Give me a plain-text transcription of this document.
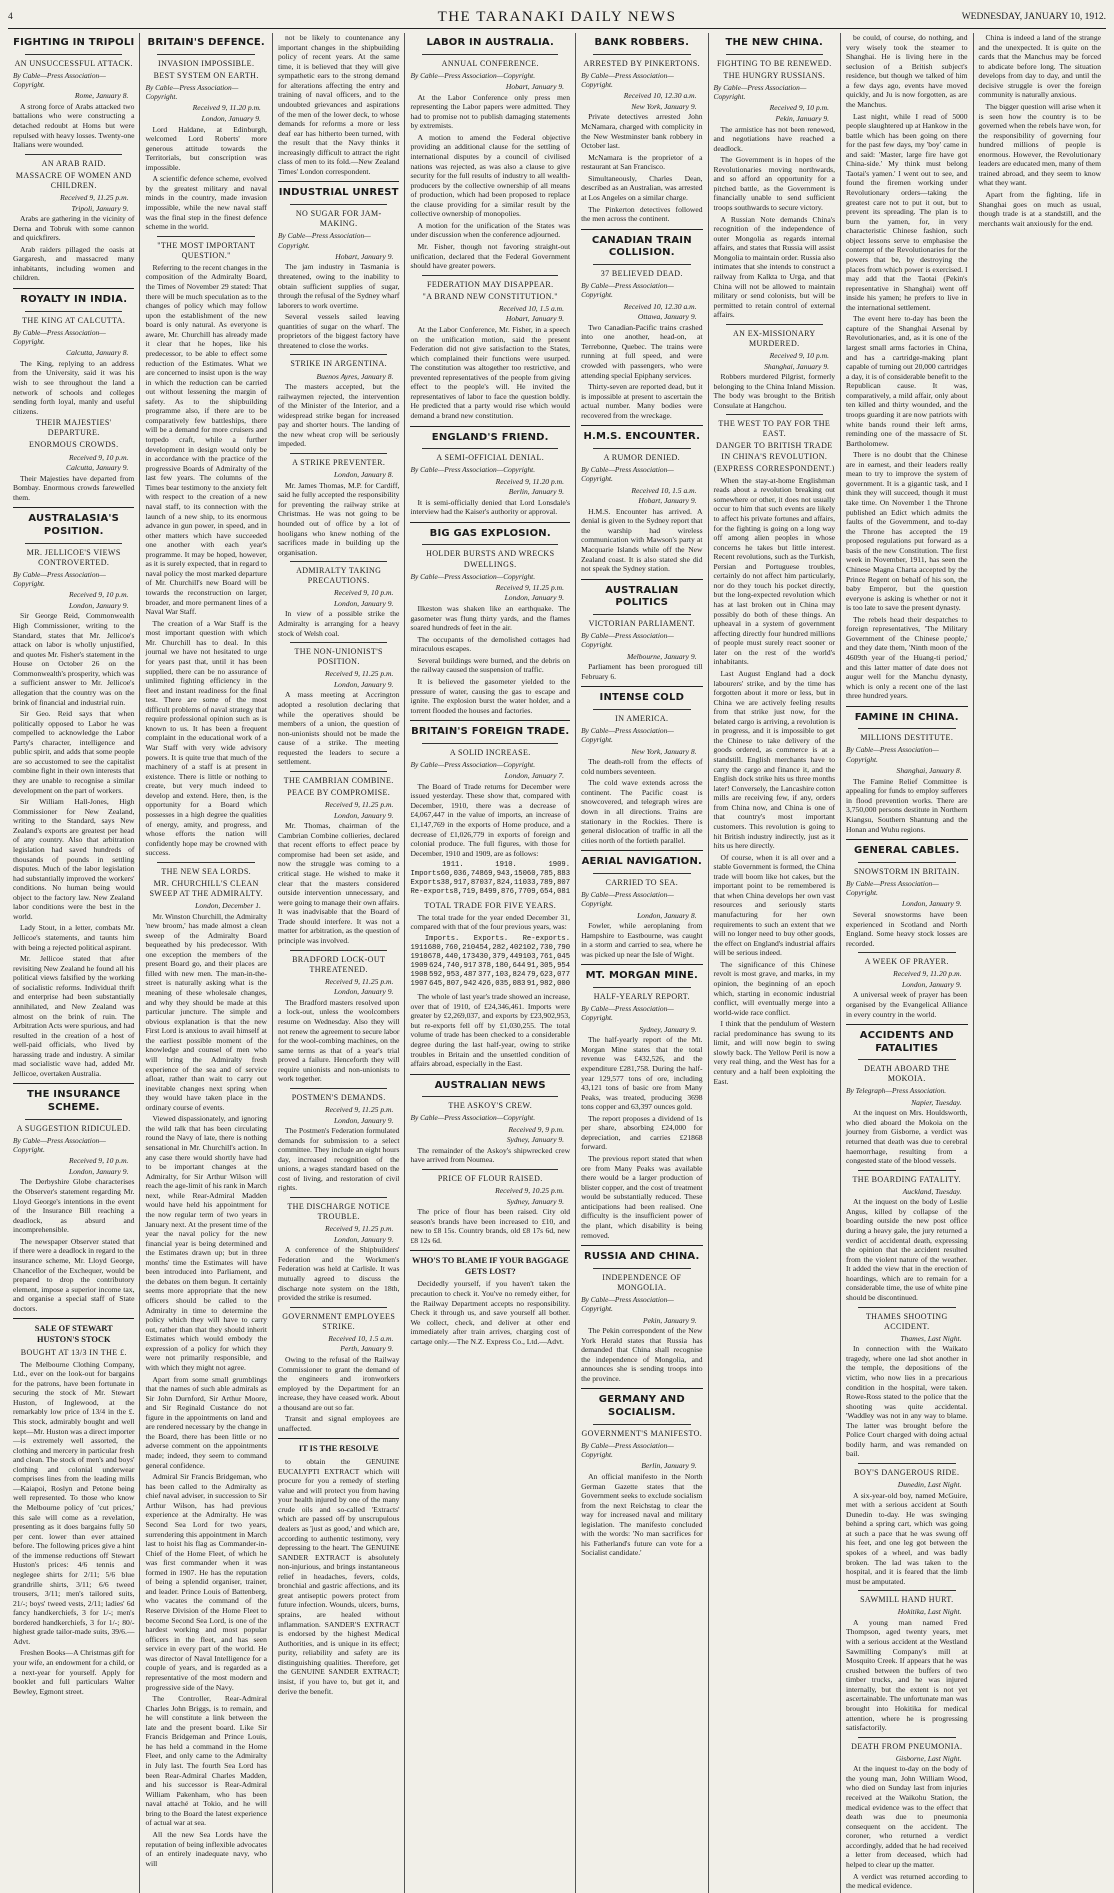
4	THE TARANAKI DAILY NEWS	WEDNESDAY, JANUARY 10, 1912.
FIGHTING IN TRIPOLI
AN UNSUCCESSFUL ATTACK.
By Cable—Press Association—Copyright.
Rome, January 8.

A strong force of Arabs attacked two battalions who were constructing a detached redoubt at Homs but were repulsed with heavy losses. Twenty-one Italians were wounded.

AN ARAB RAID.
MASSACRE OF WOMEN AND CHILDREN.
Received 9, 11.25 p.m.
Tripoli, January 9.

Arabs are gathering in the vicinity of Derna and Tobruk with some cannon and quickfirers.

Arab raiders pillaged the oasis at Gargaresh, and massacred many inhabitants, including women and children.

ROYALTY IN INDIA.
THE KING AT CALCUTTA.
By Cable—Press Association—Copyright.
Calcutta, January 8.

The King, replying to an address from the University, said it was his wish to see throughout the land a network of schools and colleges sending forth loyal, manly and useful citizens.

THEIR MAJESTIES' DEPARTURE.
ENORMOUS CROWDS.
Received 9, 10 p.m.
Calcutta, January 9.

Their Majesties have departed from Bombay. Enormous crowds farewelled them.

AUSTRALASIA'S POSITION.
MR. JELLICOE'S VIEWS CONTROVERTED.
By Cable—Press Association—Copyright.
Received 9, 10 p.m.
London, January 9.

Sir George Reid, Commonwealth High Commissioner, writing to the Standard, states that Mr. Jellicoe's attack on labor is wholly unjustified, and quotes Mr. Fisher's statement in the House on October 26 on the Commonwealth's prosperity, which was a sufficient answer to Mr. Jellicoe's allegation that the country was on the brink of financial and industrial ruin.

Sir Geo. Reid says that when politically opposed to Labor he was compelled to acknowledge the Labor Party's character, intelligence and public spirit, and adds that some people are so accustomed to see the capitalist combine fight in their own interests that they are unable to recognise a similar development on the part of workers.

Sir William Hall-Jones, High Commissioner for New Zealand, writing to the Standard, says New Zealand's exports are greatest per head of any country. Also that arbitration legislation had saved hundreds of thousands of pounds in settling disputes. Much of the labor legislation had substantially improved the workers' conditions. No human being would object to the factory law. New Zealand labor conditions were the best in the world.

Lady Stout, in a letter, combats Mr. Jellicoe's statements, and taunts him with being a rejected political aspirant.

Mr. Jellicoe stated that after revisiting New Zealand he found all his political views falsified by the working of socialistic reforms. Individual thrift and enterprise had been substantially annihilated, and New Zealand was almost on the brink of ruin. The Arbitration Acts were spurious, and had resulted in the creation of a host of well-paid officials, who lived by harassing trade and industry. A similar mad socialistic wave had, added Mr. Jellicoe, overtaken Australia.

THE INSURANCE SCHEME.
A SUGGESTION RIDICULED.
By Cable—Press Association—Copyright.
Received 9, 10 p.m.
London, January 9.

The Derbyshire Globe characterises the Observer's statement regarding Mr. Lloyd George's intentions in the event of the Insurance Bill reaching a deadlock, as absurd and incomprehensible.

The newspaper Observer stated that if there were a deadlock in regard to the insurance scheme, Mr. Lloyd George, Chancellor of the Exchequer, would be prepared to drop the contributory element, impose a superior income tax, and organise a special staff of State doctors.

SALE OF STEWART HUSTON'S STOCK
BOUGHT AT 13/3 IN THE £.

The Melbourne Clothing Company, Ltd., ever on the look-out for bargains for the patrons, have been fortunate in securing the stock of Mr. Stewart Huston, of Inglewood, at the remarkably low price of 13/4 in the £. This stock, admirably bought and well kept—Mr. Huston was a direct importer—is extremely well assorted, the clothing and mercery in particular fresh and clean. The stock of men's and boys' clothing and colonial underwear comprises lines from the leading mills—Kaiapoi, Roslyn and Petone being well represented. To those who know the Melbourne policy of 'cut prices,' this sale will come as a revelation, presenting as it does bargains fully 50 per cent. lower than ever attained before. The following prices give a hint of the immense reductions off Stewart Huston's prices: 4/6 tennis and neglegee shirts for 2/11; 5/6 blue grandrille shirts, 3/11; 6/6 tweed trousers, 3/11; men's tailored suits, 21/-; boys' tweed vests, 2/11; ladies' 6d fancy handkerchiefs, 3 for 1/-; men's bordered handkerchiefs, 3 for 1/-; 80/- highest grade tailor-made suits, 39/6.—Advt.

Freshen Books—A Christmas gift for your wife, an endowment for a child, or a next-year for yourself. Apply for booklet and full particulars Walter Bewley, Egmont street.

BRITAIN'S DEFENCE.
INVASION IMPOSSIBLE.
BEST SYSTEM ON EARTH.
By Cable—Press Association—Copyright.
Received 9, 11.20 p.m.
London, January 9.

Lord Haldane, at Edinburgh, welcomed Lord Roberts' more generous attitude towards the Territorials, but conscription was impossible.

A scientific defence scheme, evolved by the greatest military and naval minds in the country, made invasion impossible, while the new naval staff was the final step in the finest defence scheme in the world.

"THE MOST IMPORTANT QUESTION."

Referring to the recent changes in the composition of the Admiralty Board, the Times of November 29 stated: That there will be much speculation as to the changes of policy which may follow upon the establishment of the new board is only natural. As everyone is aware, Mr. Churchill has already made it clear that he hopes, like his predecessor, to be able to effect some reduction of the Estimates. What we are concerned to insist upon is the way in which the reduction can be carried out without lessening the margin of safety. As to the shipbuilding programme also, if there are to be comparatively few battleships, there will be a demand for more cruisers and torpedo craft, while a further development in design would only be in accordance with the practice of the progressive Boards of Admiralty of the last few years. The columns of the Times bear testimony to the anxiety felt with respect to the creation of a new naval staff, to its connection with the launch of a new ship, to its enormous advance in gun power, in speed, and in other matters which have succeeded one another with each year's programme. It may be hoped, however, as it is surely expected, that in regard to naval policy the most marked departure of Mr. Churchill's new Board will be towards the reconstruction on larger, broader, and more permanent lines of a Naval War Staff.

The creation of a War Staff is the most important question with which Mr. Churchill has to deal. In this journal we have not hesitated to urge for years past that, until it has been supplied, there can be no assurance of unlimited fighting efficiency in the fleet and instant readiness for the final test. There are some of the most difficult problems of naval strategy that require professional opinion such as is known to us. It has been a frequent complaint in the educational work of a War Staff with very wide advisory powers. It is quite true that much of the machinery of a staff is at present in existence. There is little or nothing to create, but very much indeed to develop and extend. Here, then, is the opportunity for a Board which possesses in a high degree the qualities of energy, amity, and progress, and whose efforts the nation will confidently hope may be crowned with success.

THE NEW SEA LORDS.
MR. CHURCHILL'S CLEAN SWEEP AT THE ADMIRALTY.
London, December 1.

Mr. Winston Churchill, the Admiralty 'new broom,' has made almost a clean sweep of the Admiralty Board bequeathed by his predecessor. With one exception the members of the present Board go, and their places are filled with new men. The man-in-the-street is naturally asking what is the meaning of these wholesale changes, and why they should be made at this particular juncture. The simple and obvious explanation is that the new First Lord is anxious to avail himself at the earliest possible moment of the knowledge and counsel of men who will bring the Admiralty fresh experience of the sea and of service afloat, rather than wait to carry out inevitable changes next spring when they would have taken place in the ordinary course of events.

Viewed dispassionately, and ignoring the wild talk that has been circulating round the Navy of late, there is nothing sensational in Mr. Churchill's action. In any case there would shortly have had to be important changes at the Admiralty, for Sir Arthur Wilson will reach the age-limit of his rank in March next, while Rear-Admiral Madden would have held his appointment for the now regular term of two years in January next. At the present time of the year the naval policy for the new financial year is being determined and the Estimates drawn up; but in three months' time the Estimates will have been introduced into Parliament, and the debates on them begun. It certainly seems more appropriate that the new officers should be called to the Admiralty in time to determine the policy which they will have to carry out, rather than that they should inherit Estimates which would embody the expression of a policy for which they were not primarily responsible, and with which they might not agree.

Apart from some small grumblings that the names of such able admirals as Sir John Durnford, Sir Arthur Moore, and Sir Reginald Custance do not figure in the appointments on land and are rendered necessary by the change in the Board, there has been little or no adverse comment on the appointments made; indeed, they seem to command general confidence.

Admiral Sir Francis Bridgeman, who has been called to the Admiralty as chief naval adviser, in succession to Sir Arthur Wilson, has had previous experience at the Admiralty. He was Second Sea Lord for two years, surrendering this appointment in March last to hoist his flag as Commander-in-Chief of the Home Fleet, of which he was first commander when it was formed in 1907. He has the reputation of being a splendid organiser, trainer, and leader. Prince Louis of Battenberg, who vacates the command of the Reserve Division of the Home Fleet to become Second Sea Lord, is one of the hardest working and most popular officers in the fleet, and has seen service in every part of the world. He was director of Naval Intelligence for a couple of years, and is regarded as a representative of the most modern and progressive side of the Navy.

The Controller, Rear-Admiral Charles John Briggs, is to remain, and he will constitute a link between the late and the present board. Like Sir Francis Bridgeman and Prince Louis, he has held a command in the Home Fleet, and only came to the Admiralty in July last. The fourth Sea Lord has been Rear-Admiral Charles Madden, and his successor is Rear-Admiral William Pakenham, who has been naval attaché at Tokio, and he will bring to the Board the latest experience of actual war at sea.

All the new Sea Lords have the reputation of being inflexible advocates of an entirely inadequate navy, who will

not be likely to countenance any important changes in the shipbuilding policy of recent years. At the same time, it is believed that they will give sympathetic ears to the strong demand for alterations affecting the entry and training of naval officers, and to the undoubted grievances and aspirations of the men of the lower deck, to whose demands for reforms a more or less deaf ear has hitherto been turned, with the result that the Navy thinks it increasingly difficult to attract the right class of men to its fold.—New Zealand Times' London correspondent.

INDUSTRIAL UNREST
NO SUGAR FOR JAM-MAKING.
By Cable—Press Association—Copyright.
Hobart, January 9.

The jam industry in Tasmania is threatened, owing to the inability to obtain sufficient supplies of sugar, through the refusal of the Sydney wharf laborers to work overtime.

Several vessels sailed leaving quantities of sugar on the wharf. The proprietors of the biggest factory have threatened to close the works.

STRIKE IN ARGENTINA.
Buenos Ayres, January 8.

The masters accepted, but the railwaymen rejected, the intervention of the Minister of the Interior, and a widespread strike began for increased pay and shorter hours. The landing of the new wheat crop will be seriously impeded.

A STRIKE PREVENTER.
London, January 8.

Mr. James Thomas, M.P. for Cardiff, said he fully accepted the responsibility for preventing the railway strike at Christmas. He was not going to be hounded out of office by a lot of hooligans who knew nothing of the sacrifices made in building up the organisation.

ADMIRALTY TAKING PRECAUTIONS.
Received 9, 10 p.m.
London, January 9.

In view of a possible strike the Admiralty is arranging for a heavy stock of Welsh coal.

THE NON-UNIONIST'S POSITION.
Received 9, 11.25 p.m.
London, January 9.

A mass meeting at Accrington adopted a resolution declaring that while the operatives should be members of a union, the question of non-unionists should not be made the cause of a strike. The meeting requested the leaders to secure a settlement.

THE CAMBRIAN COMBINE.
PEACE BY COMPROMISE.
Received 9, 11.25 p.m.
London, January 9.

Mr. Thomas, chairman of the Cambrian Combine collieries, declared that recent efforts to effect peace by compromise had been set aside, and now the struggle was coming to a critical stage. He wished to make it clear that the masters considered outside intervention unnecessary, and were going to manage their own affairs. It was inadvisable that the Board of Trade should interfere. It was not a matter for arbitration, as the question of principle was involved.

BRADFORD LOCK-OUT THREATENED.
Received 9, 11.25 p.m.
London, January 9.

The Bradford masters resolved upon a lock-out, unless the woolcombers resume on Wednesday. Also they will not renew the agreement to secure labor for the wool-combing machines, on the same terms as that of a year's trial proved a failure. Henceforth they will require unionists and non-unionists to work together.

POSTMEN'S DEMANDS.
Received 9, 11.25 p.m.
London, January 9.

The Postmen's Federation formulated demands for submission to a select committee. They include an eight hours day, increased recognition of the unions, a wages standard based on the cost of living, and restoration of civil rights.

THE DISCHARGE NOTICE TROUBLE.
Received 9, 11.25 p.m.
London, January 9.

A conference of the Shipbuilders' Federation and the Workmen's Federation was held at Carlisle. It was mutually agreed to discuss the discharge note system on the 18th, provided the strike is resumed.

GOVERNMENT EMPLOYEES STRIKE.
Received 10, 1.5 a.m.
Perth, January 9.

Owing to the refusal of the Railway Commissioner to grant the demand of the engineers and ironworkers employed by the Department for an increase, they have ceased work. About a thousand are out so far.

Transit and signal employees are unaffected.

IT IS THE RESOLVE

to obtain the GENUINE EUCALYPTI EXTRACT which will procure for you a remedy of sterling value and will protect you from having your health injured by one of the many crude oils and so-called 'Extracts' which are passed off by unscrupulous dealers as 'just as good,' and which are, according to authentic testimony, very depressing to the heart. The GENUINE SANDER EXTRACT is absolutely non-injurious, and brings instantaneous relief in headaches, fevers, colds, bronchial and gastric affections, and its great antiseptic powers protect from future infection. Wounds, ulcers, burns, sprains, are healed without inflammation. SANDER'S EXTRACT is endorsed by the highest Medical Authorities, and is unique in its effect; purity, reliability and safety are its distinguishing qualities. Therefore, get the GENUINE SANDER EXTRACT; insist, if you have to, but get it, and derive the benefit.

LABOR IN AUSTRALIA.
ANNUAL CONFERENCE.
By Cable—Press Association—Copyright.
Hobart, January 9.

At the Labor Conference only press men representing the Labor papers were admitted. They had to promise not to publish damaging statements by extremists.

A motion to amend the Federal objective providing an additional clause for the settling of international disputes by a council of civilised nations was rejected, as was also a clause to give security for the full results of industry to all wealth-producers by the collective ownership of all means of production, which had been proposed to replace the clause providing for a similar result by the collective ownership of monopolies.

A motion for the unification of the States was under discussion when the conference adjourned.

Mr. Fisher, though not favoring straight-out unification, declared that the Federal Government should have greater powers.

FEDERATION MAY DISAPPEAR.
"A BRAND NEW CONSTITUTION."
Received 10, 1.5 a.m.
Hobart, January 9.

At the Labor Conference, Mr. Fisher, in a speech on the unification motion, said the present Federation did not give satisfaction to the States, which complained their functions were usurped. The constitution was altogether too restrictive, and prevented representatives of the people from giving effect to the people's will. He invited the representatives of labor to face the question boldly. He predicted that a party would rise which would demand a brand new constitution.

ENGLAND'S FRIEND.
A SEMI-OFFICIAL DENIAL.
By Cable—Press Association—Copyright.
Received 9, 11.20 p.m.
Berlin, January 9.

It is semi-officially denied that Lord Lonsdale's interview had the Kaiser's authority or approval.

BIG GAS EXPLOSION.
HOLDER BURSTS AND WRECKS DWELLINGS.
By Cable—Press Association—Copyright.
Received 9, 11.25 p.m.
London, January 9.

Ilkeston was shaken like an earthquake. The gasometer was flung thirty yards, and the flames soared hundreds of feet in the air.

The occupants of the demolished cottages had miraculous escapes.

Several buildings were burned, and the debris on the railway caused the suspension of traffic.

It is believed the gasometer yielded to the pressure of water, causing the gas to escape and ignite. The explosion burst the water holder, and a torrent flooded the houses and factories.

BRITAIN'S FOREIGN TRADE.
A SOLID INCREASE.
By Cable—Press Association—Copyright.
London, January 7.

The Board of Trade returns for December were issued yesterday. These show that, compared with December, 1910, there was a decrease of £4,067,447 in the value of imports, an increase of £1,147,769 in the exports of Home produce, and a decrease of £1,026,779 in exports of foreign and colonial produce. The full figures, with those for December, 1910 and 1909, are as follows:

1911.	1910.	1909.
Imports 60,036,748 69,943,150 60,785,883
Exports 38,917,870 37,824,110 33,789,807
Re-exports 8,719,849 9,876,770 9,654,081
TOTAL TRADE FOR FIVE YEARS.

The total trade for the year ended December 31, compared with that of the four previous years, was:

Imports. Exports. Re-exports.
1911 680,760,210 454,282,402 102,730,790
1910 678,440,173 430,379,449 103,761,045
1909 624,740,917 378,180,644 91,305,954
1908 592,953,487 377,103,824 79,623,077
1907 645,807,942 426,035,083 91,982,000

The whole of last year's trade showed an increase, over that of 1910, of £24,346,461. Imports were greater by £2,269,037, and exports by £23,902,953, but re-exports fell off by £1,030,255. The total volume of trade has been checked to a considerable degree during the last half-year, owing to strike troubles in Britain and the unsettled condition of affairs abroad, especially in the East.

AUSTRALIAN NEWS
THE ASKOY'S CREW.
By Cable—Press Association—Copyright.
Received 9, 9 p.m.
Sydney, January 9.

The remainder of the Askoy's shipwrecked crew have arrived from Noumea.

PRICE OF FLOUR RAISED.
Received 9, 10.25 p.m.
Sydney, January 9.

The price of flour has been raised. City old season's brands have been increased to £10, and new to £8 15s. Country brands, old £8 17s 6d, new £8 12s 6d.

WHO'S TO BLAME IF YOUR BAGGAGE GETS LOST?

Decidedly yourself, if you haven't taken the precaution to check it. You've no remedy either, for the Railway Department accepts no responsibility. Check it through us, and save yourself all bother. We collect, check, and deliver at other end immediately after train arrives, charging cost of cartage only.—The N.Z. Express Co., Ltd.—Advt.

BANK ROBBERS.
ARRESTED BY PINKERTONS.
By Cable—Press Association—Copyright.
Received 10, 12.30 a.m.
New York, January 9.

Private detectives arrested John McNamara, charged with complicity in the New Westminster bank robbery in October last.

McNamara is the proprietor of a restaurant at San Francisco.

Simultaneously, Charles Dean, described as an Australian, was arrested at Los Angeles on a similar charge.

The Pinkerton detectives followed the men across the continent.

CANADIAN TRAIN COLLISION.
37 BELIEVED DEAD.
By Cable—Press Association—Copyright.
Received 10, 12.30 a.m.
Ottawa, January 9.

Two Canadian-Pacific trains crashed into one another, head-on, at Terrebonne, Quebec. The trains were running at full speed, and were crowded with passengers, who were attending special Epiphany services.

Thirty-seven are reported dead, but it is impossible at present to ascertain the actual number. Many bodies were recovered from the wreckage.

H.M.S. ENCOUNTER.
A RUMOR DENIED.
By Cable—Press Association—Copyright.
Received 10, 1.5 a.m.
Hobart, January 9.

H.M.S. Encounter has arrived. A denial is given to the Sydney report that the warship had wireless communication with Mawson's party at Macquarie Islands while off the New Zealand coast. It is also stated she did not speak the Sydney station.

AUSTRALIAN POLITICS
VICTORIAN PARLIAMENT.
By Cable—Press Association—Copyright.
Melbourne, January 9.

Parliament has been prorogued till February 6.

INTENSE COLD
IN AMERICA.
By Cable—Press Association—Copyright.
New York, January 8.

The death-roll from the effects of cold numbers seventeen.

The cold wave extends across the continent. The Pacific coast is snowcovered, and telegraph wires are down in all directions. Trains are stationary in the Rockies. There is general dislocation of traffic in all the cities north of the fortieth parallel.

AERIAL NAVIGATION.
CARRIED TO SEA.
By Cable—Press Association—Copyright.
London, January 8.

Fowler, while aeroplaning from Hampshire to Eastbourne, was caught in a storm and carried to sea, where he was picked up near the Isle of Wight.

MT. MORGAN MINE.
HALF-YEARLY REPORT.
By Cable—Press Association—Copyright.
Sydney, January 9.

The half-yearly report of the Mt. Morgan Mine states that the total revenue was £432,526, and the expenditure £281,758. During the half-year 129,577 tons of ore, including 43,121 tons of basic ore from Many Peaks, was treated, producing 3698 tons copper and 63,397 ounces gold.

The report proposes a dividend of 1s per share, absorbing £24,000 for depreciation, and carries £21868 forward.

The previous report stated that when ore from Many Peaks was available there would be a larger production of blister copper, and the cost of treatment would be substantially reduced. These anticipations had been realised. One difficulty is the insufficient power of the plant, which disability is being removed.

RUSSIA AND CHINA.
INDEPENDENCE OF MONGOLIA.
By Cable—Press Association—Copyright.
Pekin, January 9.

The Pekin correspondent of the New York Herald states that Russia has demanded that China shall recognise the independence of Mongolia, and announces she is sending troops into the province.

GERMANY AND SOCIALISM.
GOVERNMENT'S MANIFESTO.
By Cable—Press Association—Copyright.
Berlin, January 9.

An official manifesto in the North German Gazette states that the Government seeks to exclude socialism from the next Reichstag to clear the way for increased naval and military legislation. The manifesto concluded with the words: 'No man sacrifices for his Fatherland's future can vote for a Socialist candidate.'

THE NEW CHINA.
FIGHTING TO BE RENEWED.
THE HUNGRY RUSSIANS.
By Cable—Press Association—Copyright.
Received 9, 10 p.m.
Pekin, January 9.

The armistice has not been renewed, and negotiations have reached a deadlock.

The Government is in hopes of the Revolutionaries moving northwards, and so afford an opportunity for a pitched battle, as the Government is financially unable to send sufficient troops southwards to secure victory.

A Russian Note demands China's recognition of the independence of outer Mongolia as regards internal affairs, and states that Russia will assist Mongolia to maintain order. Russia also intimates that she intends to construct a railway from Kalkta to Urga, and that China will not be allowed to maintain military or send colonists, but will be permitted to retain control of external affairs.

AN EX-MISSIONARY MURDERED.
Received 9, 10 p.m.
Shanghai, January 9.

Robbers murdered Pilgrist, formerly belonging to the China Inland Mission. The body was brought to the British Consulate at Hangchou.

THE WEST TO PAY FOR THE EAST.
DANGER TO BRITISH TRADE IN CHINA'S REVOLUTION.
(EXPRESS CORRESPONDENT.)

When the stay-at-home Englishman reads about a revolution breaking out somewhere or other, it does not usually occur to him that such events are likely to affect his private fortunes and affairs, for the fighting is going on a long way off among alien peoples in whose concerns he takes but little interest. Recent revolutions, such as the Turkish, Persian and Portuguese troubles, certainly do not affect him particularly, nor do they touch his pocket directly, but the long-expected revolution which has at last broken out in China may possibly do both of these things. An upheaval in a system of government affecting directly four hundred millions of people must surely react sooner or later on the rest of the world's inhabitants.

Last August England had a dock labourers' strike, and by the time has forgotten about it more or less, but in China we are actively feeling results from that strike just now, for the belated cargo is arriving, a revolution is in progress, and it is impossible to get the Chinese to take delivery of the goods ordered, as commerce is at a standstill. English merchants have to carry the cargo and finance it, and the English dock strike hits us three months later! Conversely, the Lancashire cotton mills are receiving few, if any, orders from China now, and China is one of that country's most important customers. This revolution is going to hit British industry indirectly, just as it hits us here directly.

Of course, when it is all over and a stable Government is formed, the China trade will boom like hot cakes, but the important point to be remembered is that when China develops her own vast resources and seriously starts manufacturing for her own requirements to such an extent that we will no longer need to buy other goods, the effect on England's industrial affairs will be serious indeed.

The significance of this Chinese revolt is most grave, and marks, in my opinion, the beginning of an epoch which, starting in economic industrial conflict, will eventually merge into a world-wide race conflict.

I think that the pendulum of Western racial predominance has swung to its limit, and will now begin to swing slowly back. The Yellow Peril is now a very real thing, and the West has for a century and a half been exploiting the East.

be could, of course, do nothing, and very wisely took the steamer to Shanghai. He is living here in the seclusion of a British subject's residence, but though we talked of him a few days ago, events have moved quickly, and Ju is now forgotten, as are the Manchus.

Last night, while I read of 5000 people slaughtered up at Hankow in the battle which has been going on there for the past few days, my 'boy' came in and said: 'Master, large fire have got China-side.' My think must belong Taotai's yamen.' I went out to see, and found the firemen working under Revolutionary orders—taking the greatest care not to put it out, but to prevent its spreading. The plan is to burn the yamen, for, in very characteristic Chinese fashion, such object lessons serve to emphasise the contempt of the Revolutionaries for the powers that be, by destroying the places from which power is exercised. I may add that the Taotai (Pekin's representative in Shanghai) went off inside his yamen; he prefers to live in the international settlement.

The event here to-day has been the capture of the Shanghai Arsenal by Revolutionaries, and, as it is one of the largest small arms factories in China, and has a cartridge-making plant capable of turning out 20,000 cartridges a day, it is of considerable benefit to the Republican cause. It was, comparatively, a mild affair, only about ten killed and thirty wounded, and the troops guarding it are now patriots with white bands round their left arms, reminding one of the massacre of St. Bartholomew.

There is no doubt that the Chinese are in earnest, and their leaders really mean to try to improve the system of government. It is a gigantic task, and I think they will succeed, though it must take time. On November 1 the Throne published an Edict which admits the faults of the Government, and to-day the Throne has accepted the 19 proposed regulations put forward as a basis of the new Constitution. The first week in November, 1911, has seen the Chinese Magna Charta accepted by the Prince Regent on behalf of his son, the baby Emperor, but the question everyone is asking is whether or not it is too late to save the present dynasty.

The rebels head their despatches to foreign representatives, 'The Military Government of the Chinese people,' and they date them, 'Ninth moon of the 4609th year of the Huang-ti period,' and this latter matter of date does not augur well for the Manchu dynasty, which is only a recent one of the last three hundred years.

FAMINE IN CHINA.
MILLIONS DESTITUTE.
By Cable—Press Association—Copyright.
Shanghai, January 8.

The Famine Relief Committee is appealing for funds to employ sufferers in flood prevention works. There are 3,750,000 persons destitute in Northern Kiangsu, Southern Shantung and the Honan and Wuhu regions.

GENERAL CABLES.
SNOWSTORM IN BRITAIN.
By Cable—Press Association—Copyright.
London, January 9.

Several snowstorms have been experienced in Scotland and North England. Some heavy stock losses are recorded.

A WEEK OF PRAYER.
Received 9, 11.20 p.m.
London, January 9.

A universal week of prayer has been organised by the Evangelical Alliance in every country in the world.

ACCIDENTS AND FATALITIES
DEATH ABOARD THE MOKOIA.
By Telegraph—Press Association.
Napier, Tuesday.

At the inquest on Mrs. Houldsworth, who died aboard the Mokoia on the journey from Gisborne, a verdict was returned that death was due to cerebral haemorrhage, resulting from a congested state of the blood vessels.

THE BOARDING FATALITY.
Auckland, Tuesday.

At the inquest on the body of Leslie Angus, killed by collapse of the boarding outside the new post office during a heavy gale, the jury returned a verdict of accidental death, expressing the opinion that the accident resulted from the violent nature of the weather. It added the view that in the erection of hoardings, which are to remain for a considerable time, the use of white pine should be discontinued.

THAMES SHOOTING ACCIDENT.
Thames, Last Night.

In connection with the Waikato tragedy, where one lad shot another in the temple, the depositions of the victim, who now lies in a precarious condition in the hospital, were taken. Rowe-Ross stated to the police that the shooting was quite accidental. 'Waddley was not in any way to blame. The latter was brought before the Police Court charged with doing actual bodily harm, and was remanded on bail.

BOY'S DANGEROUS RIDE.
Dunedin, Last Night.

A six-year-old boy, named McGuire, met with a serious accident at South Dunedin to-day. He was swinging behind a spring cart, which was going at such a pace that he was swung off his feet, and one leg got between the spokes of a wheel, and was badly broken. The lad was taken to the hospital, and it is feared that the limb must be amputated.

SAWMILL HAND HURT.
Hokitika, Last Night.

A young man named Fred Thompson, aged twenty years, met with a serious accident at the Westland Sawmilling Company's mill at Mosquito Creek. If appears that he was crushed between the buffers of two timber trucks, and he was injured internally, but the extent is not yet ascertainable. The unfortunate man was brought into Hokitika for medical attention, where he is progressing satisfactorily.

DEATH FROM PNEUMONIA.
Gisborne, Last Night.

At the inquest to-day on the body of the young man, John William Wood, who died on Sunday last from injuries received at the Waikohu Station, the medical evidence was to the effect that death was due to pneumonia consequent on the accident. The coroner, who returned a verdict accordingly, added that he had received a letter from deceased, which had helped to clear up the matter.

A verdict was returned according to the medical evidence.

China is indeed a land of the strange and the unexpected. It is quite on the cards that the Manchus may be forced to abdicate before long. The situation develops from day to day, and until the decisive struggle is over the foreign community is naturally anxious.

The bigger question will arise when it is seen how the country is to be governed when the rebels have won, for the responsibility of governing four hundred millions of people is enormous. However, the Revolutionary leaders are educated men, many of them trained abroad, and they seem to know what they want.

Apart from the fighting, life in Shanghai goes on much as usual, though trade is at a standstill, and the merchants wait anxiously for the end.
